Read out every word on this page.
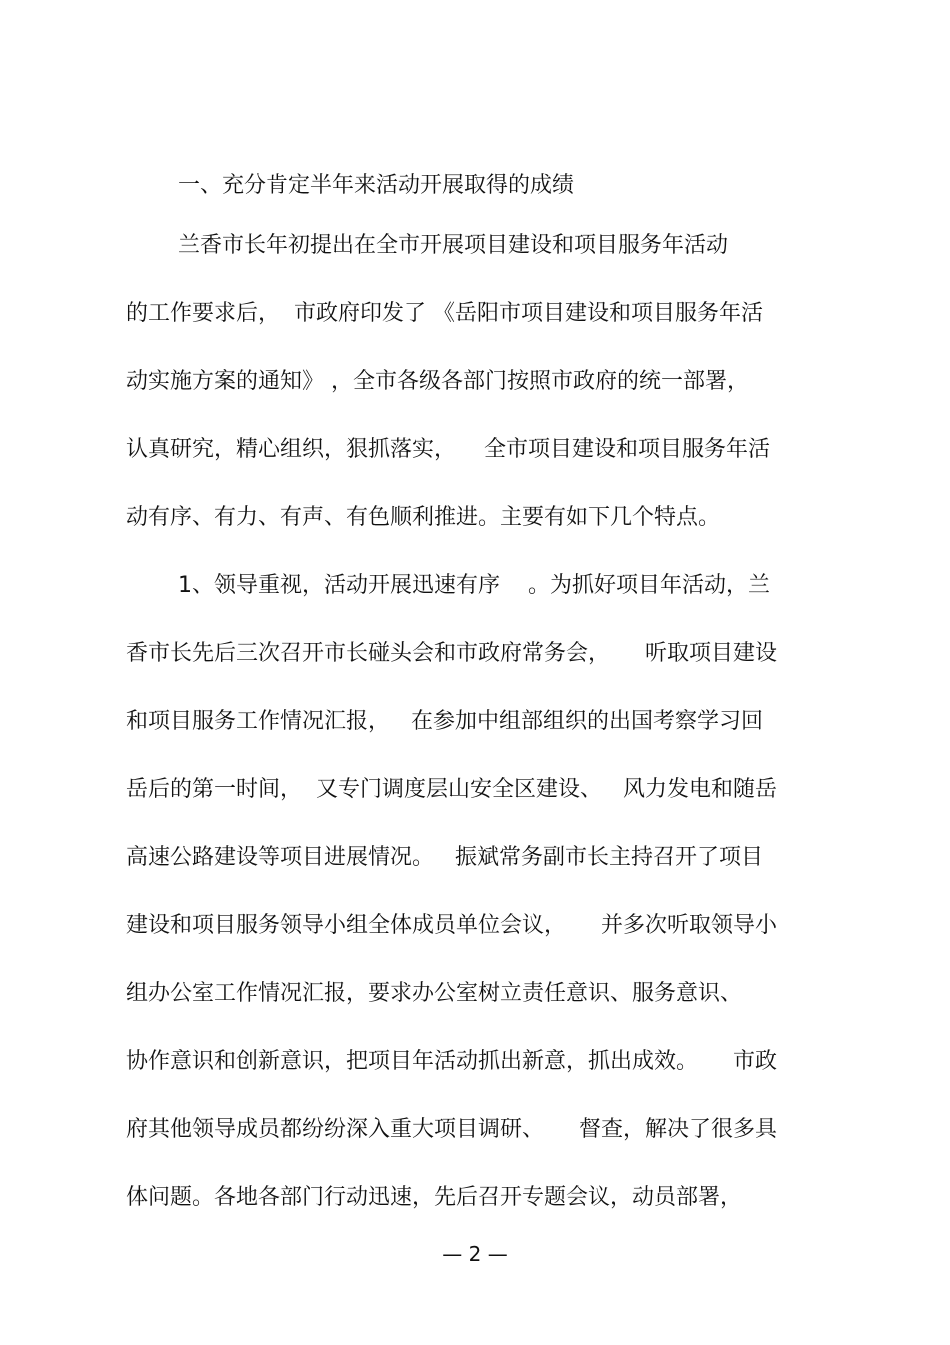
一、充分肯定半年来活动开展取得的成绩
兰香市长年初提出在全市开展项目建设和项目服务年活动
的工作要求后，  市政府印发了 《岳阳市项目建设和项目服务年活
动实施方案的通知》 ，全市各级各部门按照市政府的统一部署，
认真研究，精心组织，狠抓落实，    全市项目建设和项目服务年活
动有序、有力、有声、有色顺利推进。主要有如下几个特点。
1、领导重视，活动开展迅速有序    。为抓好项目年活动，兰
香市长先后三次召开市长碰头会和市政府常务会，     听取项目建设
和项目服务工作情况汇报，   在参加中组部组织的出国考察学习回
岳后的第一时间，  又专门调度层山安全区建设、   风力发电和随岳
高速公路建设等项目进展情况。   振斌常务副市长主持召开了项目
建设和项目服务领导小组全体成员单位会议，     并多次听取领导小
组办公室工作情况汇报，要求办公室树立责任意识、服务意识、
协作意识和创新意识，把项目年活动抓出新意，抓出成效。     市政
府其他领导成员都纷纷深入重大项目调研、     督查，解决了很多具
体问题。各地各部门行动迅速，先后召开专题会议，动员部署，
— 2 —
